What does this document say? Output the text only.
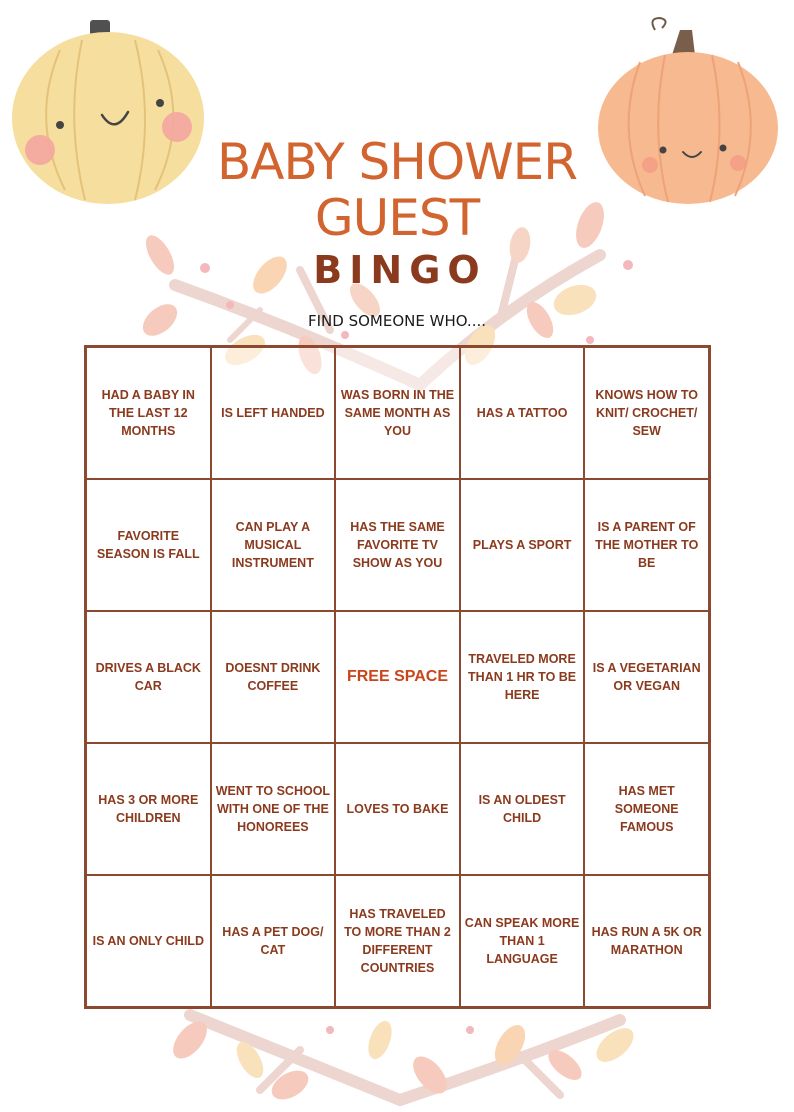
BABY SHOWER
GUEST
BINGO
FIND SOMEONE WHO....
HAD A BABY IN THE LAST 12 MONTHS
IS LEFT HANDED
WAS BORN IN THE SAME MONTH AS YOU
HAS A TATTOO
KNOWS HOW TO KNIT/ CROCHET/ SEW
FAVORITE SEASON IS FALL
CAN PLAY A MUSICAL INSTRUMENT
HAS THE SAME FAVORITE TV SHOW AS YOU
PLAYS A SPORT
IS A PARENT OF THE MOTHER TO BE
DRIVES A BLACK CAR
DOESNT DRINK COFFEE
FREE SPACE
TRAVELED MORE THAN 1 HR TO BE HERE
IS A VEGETARIAN OR VEGAN
HAS 3 OR MORE CHILDREN
WENT TO SCHOOL WITH ONE OF THE HONOREES
LOVES TO BAKE
IS AN OLDEST CHILD
HAS MET SOMEONE FAMOUS
IS AN ONLY CHILD
HAS A PET DOG/ CAT
HAS TRAVELED TO MORE THAN 2 DIFFERENT COUNTRIES
CAN SPEAK MORE THAN 1 LANGUAGE
HAS RUN A 5K OR MARATHON
